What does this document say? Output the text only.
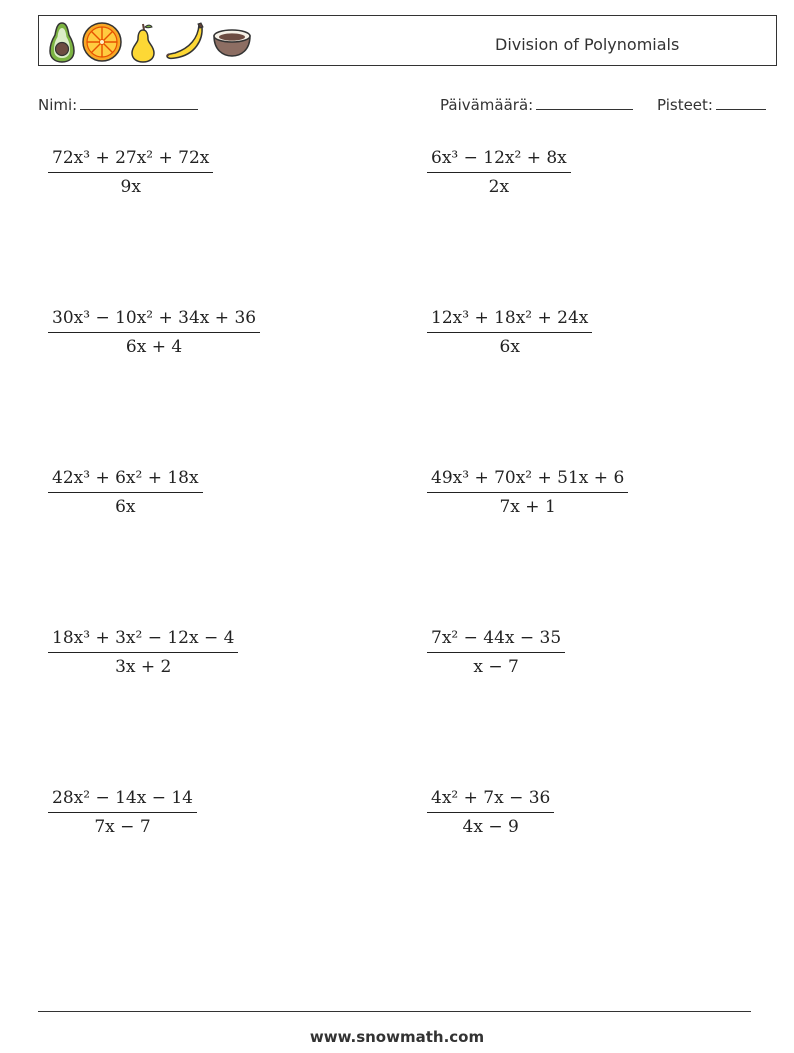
Division of Polynomials
Nimi:	Päivämäärä:	Pisteet:
$\frac{\text{72x³ + 27x² + 72x}}{9x}$	$\frac{\text{6x³ − 12x² + 8x}}{2x}$
$\frac{\text{30x³ − 10x² + 34x + 36}}{6x + 4}$	$\frac{\text{12x³ + 18x² + 24x}}{6x}$
$\frac{\text{42x³ + 6x² + 18x}}{6x}$	$\frac{\text{49x³ + 70x² + 51x + 6}}{7x + 1}$
$\frac{\text{18x³ + 3x² − 12x − 4}}{3x + 2}$	$\frac{\text{7x² − 44x − 35}}{x - 7}$
$\frac{\text{28x² − 14x − 14}}{7x - 7}$	$\frac{\text{4x² + 7x − 36}}{4x - 9}$
www.snowmath.com
